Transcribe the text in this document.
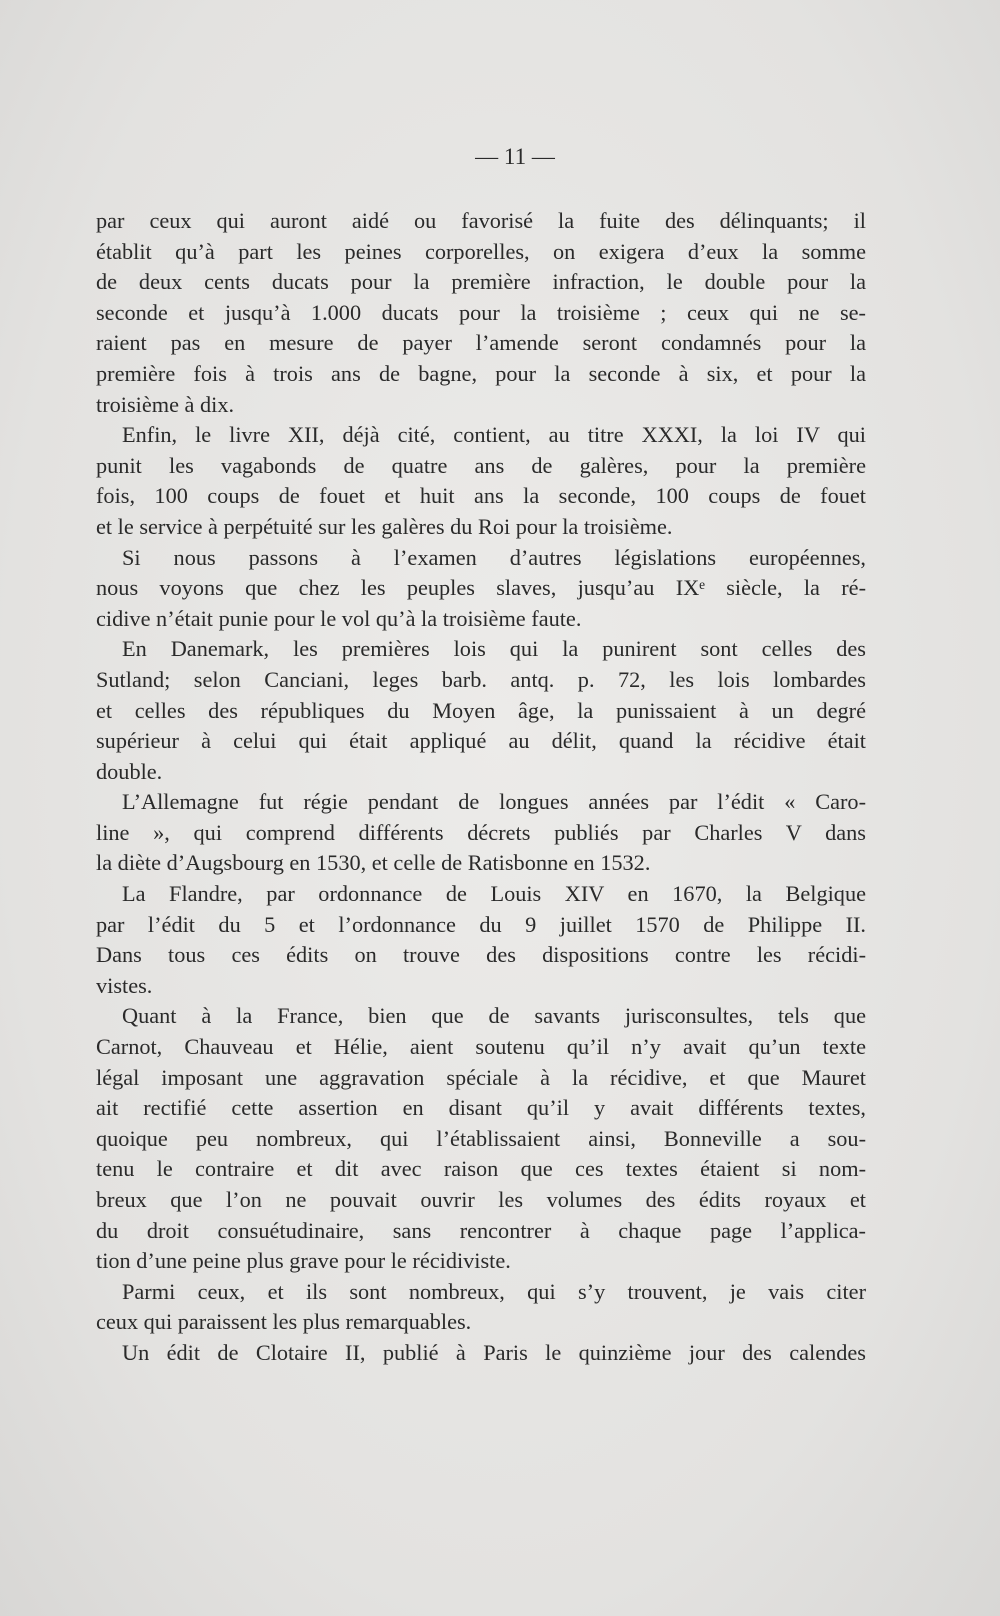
— 11 —
par ceux qui auront aidé ou favorisé la fuite des délinquants; il
établit qu’à part les peines corporelles, on exigera d’eux la somme
de deux cents ducats pour la première infraction, le double pour la
seconde et jusqu’à 1.000 ducats pour la troisième ; ceux qui ne se-
raient pas en mesure de payer l’amende seront condamnés pour la
première fois à trois ans de bagne, pour la seconde à six, et pour la
troisième à dix.
Enfin, le livre XII, déjà cité, contient, au titre XXXI, la loi IV qui
punit les vagabonds de quatre ans de galères, pour la première
fois, 100 coups de fouet et huit ans la seconde, 100 coups de fouet
et le service à perpétuité sur les galères du Roi pour la troisième.
Si nous passons à l’examen d’autres législations européennes,
nous voyons que chez les peuples slaves, jusqu’au IXᵉ siècle, la ré-
cidive n’était punie pour le vol qu’à la troisième faute.
En Danemark, les premières lois qui la punirent sont celles des
Sutland; selon Canciani, leges barb. antq. p. 72, les lois lombardes
et celles des républiques du Moyen âge, la punissaient à un degré
supérieur à celui qui était appliqué au délit, quand la récidive était
double.
L’Allemagne fut régie pendant de longues années par l’édit « Caro-
line », qui comprend différents décrets publiés par Charles V dans
la diète d’Augsbourg en 1530, et celle de Ratisbonne en 1532.
La Flandre, par ordonnance de Louis XIV en 1670, la Belgique
par l’édit du 5 et l’ordonnance du 9 juillet 1570 de Philippe II.
Dans tous ces édits on trouve des dispositions contre les récidi-
vistes.
Quant à la France, bien que de savants jurisconsultes, tels que
Carnot, Chauveau et Hélie, aient soutenu qu’il n’y avait qu’un texte
légal imposant une aggravation spéciale à la récidive, et que Mauret
ait rectifié cette assertion en disant qu’il y avait différents textes,
quoique peu nombreux, qui l’établissaient ainsi, Bonneville a sou-
tenu le contraire et dit avec raison que ces textes étaient si nom-
breux que l’on ne pouvait ouvrir les volumes des édits royaux et
du droit consuétudinaire, sans rencontrer à chaque page l’applica-
tion d’une peine plus grave pour le récidiviste.
Parmi ceux, et ils sont nombreux, qui s’y trouvent, je vais citer
ceux qui paraissent les plus remarquables.
Un édit de Clotaire II, publié à Paris le quinzième jour des calendes
